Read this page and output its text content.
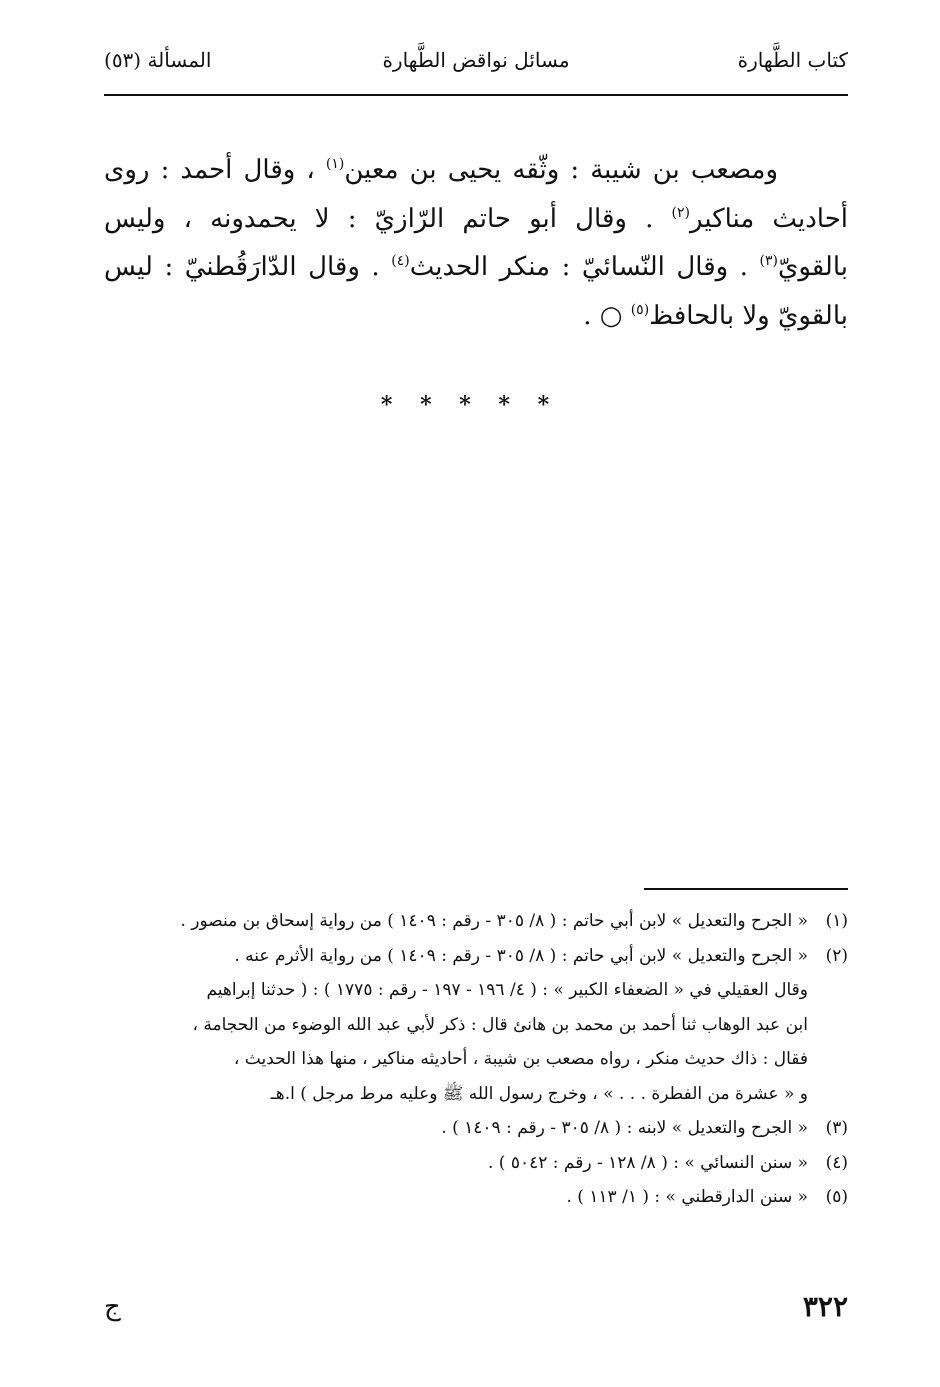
كتاب الطَّهارة
مسائل نواقض الطَّهارة
المسألة (٥٣)
ومصعب بن شيبة : وثّقه يحيى بن معين$^{(١)}$ ، وقال أحمد : روى
أحاديث مناكير$^{(٢)}$ . وقال أبو حاتم الرّازيّ : لا يحمدونه ، وليس
بالقويّ$^{(٣)}$ . وقال النّسائيّ : منكر الحديث$^{(٤)}$ . وقال الدّارَقُطنيّ : ليس
بالقويّ ولا بالحافظ$^{(٥)}$ ○ .
* * * * *
(١)« الجرح والتعديل » لابن أبي حاتم : ( ٨/ ٣٠٥ - رقم : ١٤٠٩ ) من رواية إسحاق بن منصور .
(٢)« الجرح والتعديل » لابن أبي حاتم : ( ٨/ ٣٠٥ - رقم : ١٤٠٩ ) من رواية الأثرم عنه .
وقال العقيلي في « الضعفاء الكبير » : ( ٤/ ١٩٦ - ١٩٧ - رقم : ١٧٧٥ ) : ( حدثنا إبراهيم
ابن عبد الوهاب ثنا أحمد بن محمد بن هانئ قال : ذكر لأبي عبد الله الوضوء من الحجامة ،
فقال : ذاك حديث منكر ، رواه مصعب بن شيبة ، أحاديثه مناكير ، منها هذا الحديث ،
و « عشرة من الفطرة . . . » ، وخرج رسول الله ﷺ وعليه مرط مرجل ) ا.هـ
(٣)« الجرح والتعديل » لابنه : ( ٨/ ٣٠٥ - رقم : ١٤٠٩ ) .
(٤)« سنن النسائي » : ( ٨/ ١٢٨ - رقم : ٥٠٤٢ ) .
(٥)« سنن الدارقطني » : ( ١/ ١١٣ ) .
٣٢٢
ج
